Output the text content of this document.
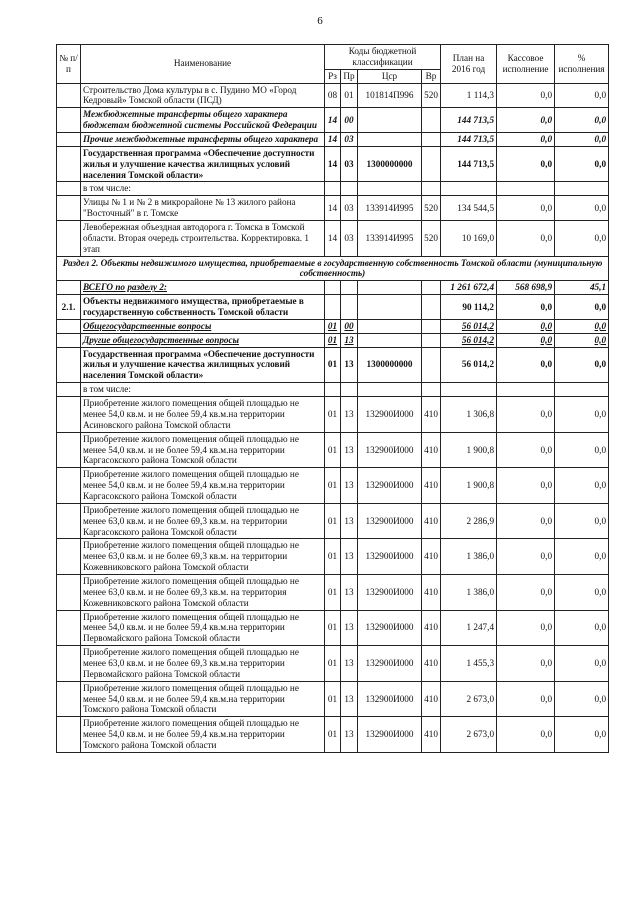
6
№ п/п	Наименование	Коды бюджетной классификации				План на 2016 год	Кассовое исполнение	% исполнения
		Рз	Пр	Цср	Вр			
	Строительство Дома культуры в с. Пудино МО «Город Кедровый» Томской области (ПСД)	08	01	101814П996	520	1 114,3	0,0	0,0
	Межбюджетные трансферты общего характера бюджетам бюджетной системы Российской Федерации	14	00			144 713,5	0,0	0,0
	Прочие межбюджетные трансферты общего характера	14	03			144 713,5	0,0	0,0
	Государственная программа «Обеспечение доступности жилья и улучшение качества жилищных условий населения Томской области»	14	03	1300000000		144 713,5	0,0	0,0
	в том числе:							
	Улицы № 1 и № 2 в микрорайоне № 13 жилого района "Восточный" в г. Томске	14	03	133914И995	520	134 544,5	0,0	0,0
	Левобережная объездная автодорога г. Томска в Томской области. Вторая очередь строительства. Корректировка. 1 этап	14	03	133914И995	520	10 169,0	0,0	0,0
Раздел 2. Объекты недвижимого имущества, приобретаемые в государственную собственность Томской области (муниципальную собственность)								
	ВСЕГО по разделу 2:					1 261 672,4	568 698,9	45,1
2.1.	Объекты недвижимого имущества, приобретаемые в государственную собственность Томской области					90 114,2	0,0	0,0
	Общегосударственные вопросы	01	00			56 014,2	0,0	0,0
	Другие общегосударственные вопросы	01	13			56 014,2	0,0	0,0
	Государственная программа «Обеспечение доступности жилья и улучшение качества жилищных условий населения Томской области»	01	13	1300000000		56 014,2	0,0	0,0
	в том числе:							
	Приобретение жилого помещения общей площадью не менее 54,0 кв.м. и не более 59,4 кв.м.на территории Асиновского района Томской области	01	13	132900И000	410	1 306,8	0,0	0,0
	Приобретение жилого помещения общей площадью не менее 54,0 кв.м. и не более 59,4 кв.м.на территории Каргасокского района Томской области	01	13	132900И000	410	1 900,8	0,0	0,0
	Приобретение жилого помещения общей площадью не менее 54,0 кв.м. и не более 59,4 кв.м.на территории Каргасокского района Томской области	01	13	132900И000	410	1 900,8	0,0	0,0
	Приобретение жилого помещения общей площадью не менее 63,0 кв.м. и не более 69,3 кв.м. на территории Каргасокского района Томской области	01	13	132900И000	410	2 286,9	0,0	0,0
	Приобретение жилого помещения общей площадью не менее 63,0 кв.м. и не более 69,3 кв.м. на территории Кожевниковского района Томской области	01	13	132900И000	410	1 386,0	0,0	0,0
	Приобретение жилого помещения общей площадью не менее 63,0 кв.м. и не более 69,3 кв.м. на территория Кожевниковского района Томской области	01	13	132900И000	410	1 386,0	0,0	0,0
	Приобретение жилого помещения общей площадью не менее 54,0 кв.м. и не более 59,4 кв.м.на территории Первомайского района Томской области	01	13	132900И000	410	1 247,4	0,0	0,0
	Приобретение жилого помещения общей площадью не менее 63,0 кв.м. и не более 69,3 кв.м.на территории Первомайского района Томской области	01	13	132900И000	410	1 455,3	0,0	0,0
	Приобретение жилого помещения общей площадью не менее 54,0 кв.м. и не более 59,4 кв.м.на территории Томского района Томской области	01	13	132900И000	410	2 673,0	0,0	0,0
	Приобретение жилого помещения общей площадью не менее 54,0 кв.м. и не более 59,4 кв.м.на территории Томского района Томской области	01	13	132900И000	410	2 673,0	0,0	0,0
